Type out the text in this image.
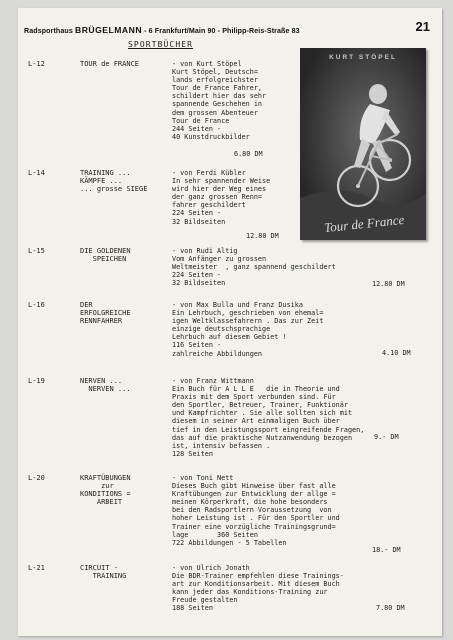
Radsporthaus BRÜGELMANN - 6 Frankfurt/Main 90 - Philipp-Reis-Straße 83	21
SPORTBÜCHER
KURT STÖPEL
Tour de France
L-12	TOUR de FRANCE	- von Kurt Stöpel
Kurt Stöpel, Deutsch=
lands erfolgreichster
Tour de France Fahrer,
schildert hier das sehr
spannende Geschehen in
dem grossen Abenteuer
Tour de France
244 Seiten -
40 Kunstdruckbilder
6.80 DM
L-14	TRAINING ...
KÄMPFE ...
... grosse SIEGE
- von Ferdi Kübler
In sehr spannender Weise
wird hier der Weg eines
der ganz grossen Renn=
fahrer geschildert
224 Seiten -
32 Bildseiten
12.80 DM
L-15	DIE GOLDENEN
SPEICHEN
- von Rudi Altig
Vom Anfänger zu grossen
Weltmeister  , ganz spannend geschildert
224 Seiten -
32 Bildseiten	12.80 DM
L-16	DER
ERFOLGREICHE
RENNFAHRER
- von Max Bulla und Franz Dusika
Ein Lehrbuch, geschrieben von ehemal=
igen Weltklassefahrern . Das zur Zeit
einzige deutschsprachige
Lehrbuch auf diesem Gebiet !
116 Seiten -
zahlreiche Abbildungen	4.10 DM
L-19	NERVEN ...
NERVEN ...
- von Franz Wittmann
Ein Buch für A L L E   die in Theorie und
Praxis mit dem Sport verbunden sind. Für
den Sportler, Betreuer, Trainer, Funktionär
und Kampfrichter . Sie alle sollten sich mit
diesem in seiner Art einmaligen Buch über
tief in den Leistungssport eingreifende Fragen,
das auf die praktische Nutzanwendung bezogen
ist, intensiv befassen .
128 Seiten
9.- DM
L-20	KRAFTÜBUNGEN
zur
KONDITIONS =
ARBEIT
- von Toni Nett
Dieses Buch gibt Hinweise über fast alle
Kraftübungen zur Entwicklung der allge =
meinen Körperkraft, die hohe besonders
bei den Radsportlern Voraussetzung  von
hoher Leistung ist . Für den Sportler und
Trainer eine vorzügliche Trainingsgrund=
lage       360 Seiten
722 Abbildungen - 5 Tabellen
18.- DM
L-21	CIRCUIT -
TRAINING
- von Ulrich Jonath
Die BDR-Trainer empfehlen diese Trainings-
art zur Konditionsarbeit. Mit diesem Buch
kann jeder das Konditions-Training zur
Freude gestalten
188 Seiten	7.80 DM
